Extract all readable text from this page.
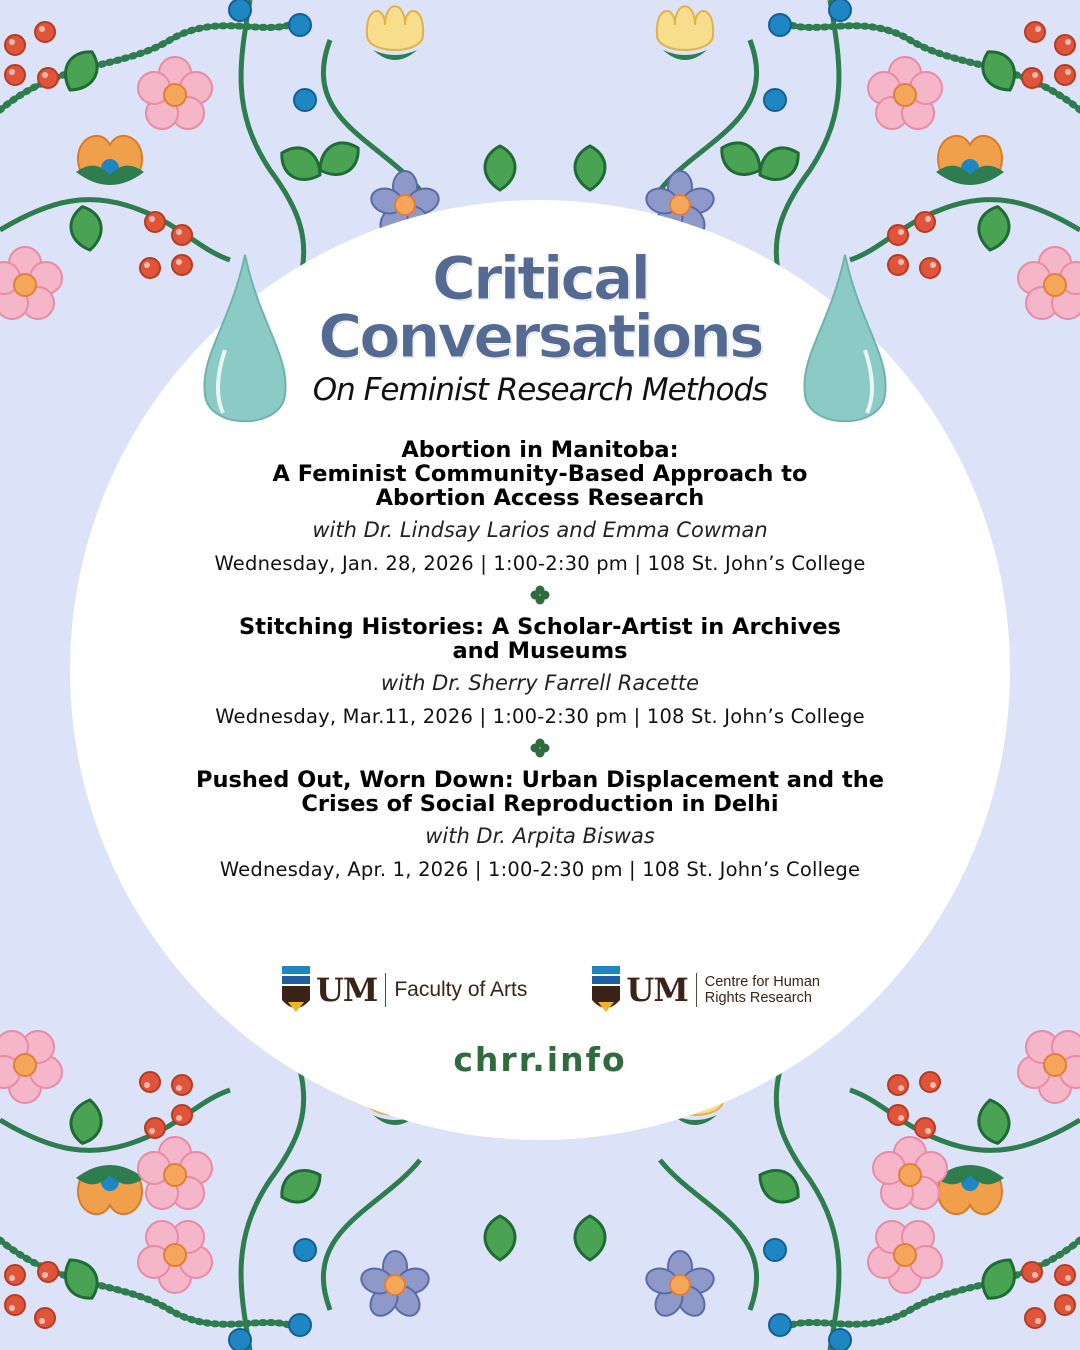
Critical
Conversations
On Feminist Research Methods
Abortion in Manitoba:
A Feminist Community-Based Approach to
Abortion Access Research
with Dr. Lindsay Larios and Emma Cowman
Wednesday, Jan. 28, 2026 | 1:00-2:30 pm | 108 St. John’s College
Stitching Histories: A Scholar-Artist in Archives
and Museums
with Dr. Sherry Farrell Racette
Wednesday, Mar.11, 2026 | 1:00-2:30 pm | 108 St. John’s College
Pushed Out, Worn Down: Urban Displacement and the
Crises of Social Reproduction in Delhi
with Dr. Arpita Biswas
Wednesday, Apr. 1, 2026 | 1:00-2:30 pm | 108 St. John’s College
UM Faculty of Arts	UM Centre for Human
Rights Research
chrr.info
